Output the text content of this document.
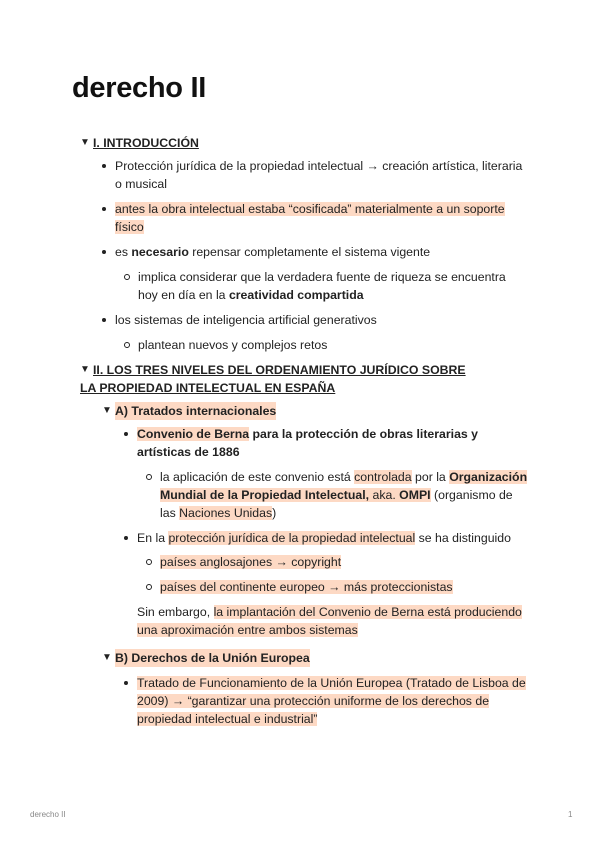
derecho II
▼ I. INTRODUCCIÓN
Protección jurídica de la propiedad intelectual → creación artística, literaria o musical
antes la obra intelectual estaba “cosificada” materialmente a un soporte físico
es necesario repensar completamente el sistema vigente
implica considerar que la verdadera fuente de riqueza se encuentra hoy en día en la creatividad compartida
los sistemas de inteligencia artificial generativos
plantean nuevos y complejos retos
▼ II. LOS TRES NIVELES DEL ORDENAMIENTO JURÍDICO SOBRE LA PROPIEDAD INTELECTUAL EN ESPAÑA
▼ A) Tratados internacionales
Convenio de Berna para la protección de obras literarias y artísticas de 1886
la aplicación de este convenio está controlada por la Organización Mundial de la Propiedad Intelectual, aka. OMPI (organismo de las Naciones Unidas)
En la protección jurídica de la propiedad intelectual se ha distinguido
países anglosajones → copyright
países del continente europeo → más proteccionistas

Sin embargo, la implantación del Convenio de Berna está produciendo una aproximación entre ambos sistemas

▼ B) Derechos de la Unión Europea
Tratado de Funcionamiento de la Unión Europea (Tratado de Lisboa de 2009) → “garantizar una protección uniforme de los derechos de propiedad intelectual e industrial”
derecho II	1
